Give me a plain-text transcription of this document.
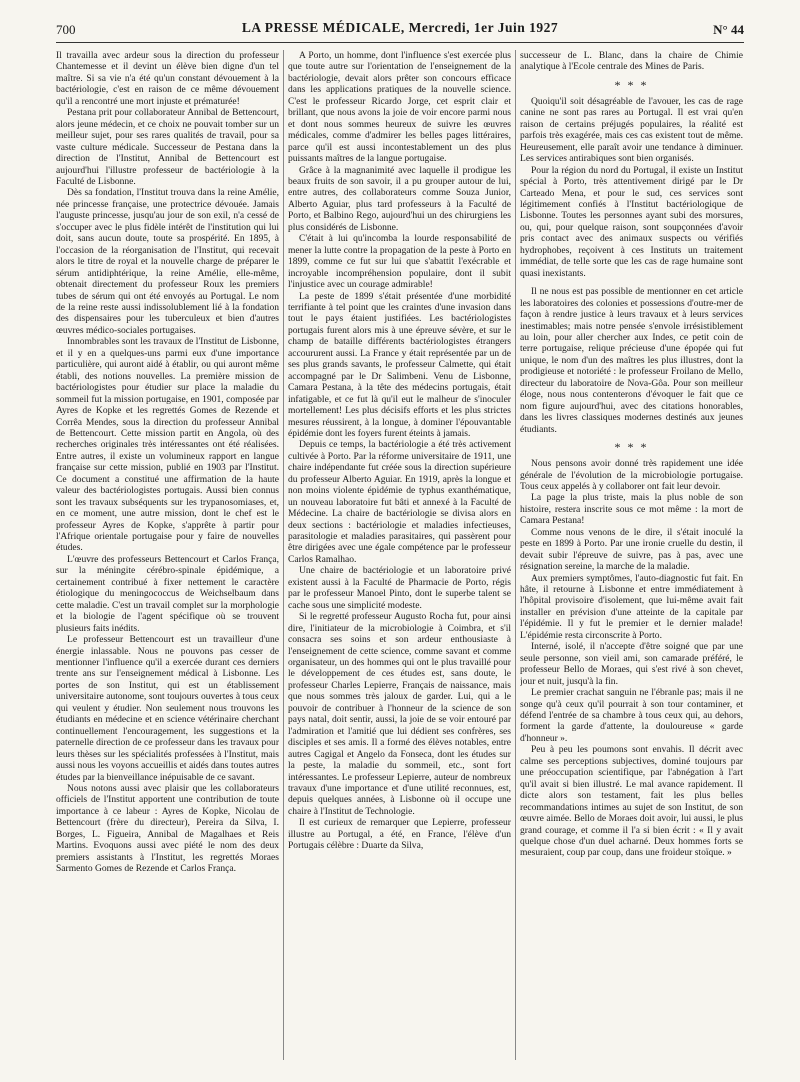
700	LA PRESSE MÉDICALE, Mercredi, 1er Juin 1927	N° 44

Il travailla avec ardeur sous la direction du professeur Chantemesse et il devint un élève bien digne d'un tel maître. Si sa vie n'a été qu'un constant dévouement à la bactériologie, c'est en raison de ce même dévouement qu'il a rencontré une mort injuste et prématurée!

Pestana prit pour collaborateur Annibal de Bettencourt, alors jeune médecin, et ce choix ne pouvait tomber sur un meilleur sujet, pour ses rares qualités de travail, pour sa vaste culture médicale. Successeur de Pestana dans la direction de l'Institut, Annibal de Bettencourt est aujourd'hui l'illustre professeur de bactériologie à la Faculté de Lisbonne.

Dès sa fondation, l'Institut trouva dans la reine Amélie, née princesse française, une protectrice dévouée. Jamais l'auguste princesse, jusqu'au jour de son exil, n'a cessé de s'occuper avec le plus fidèle intérêt de l'institution qui lui doit, sans aucun doute, toute sa prospérité. En 1895, à l'occasion de la réorganisation de l'Institut, qui recevait alors le titre de royal et la nouvelle charge de préparer le sérum antidiphtérique, la reine Amélie, elle-même, obtenait directement du professeur Roux les premiers tubes de sérum qui ont été envoyés au Portugal. Le nom de la reine reste aussi indissolublement lié à la fondation des dispensaires pour les tuberculeux et bien d'autres œuvres médico-sociales portugaises.

Innombrables sont les travaux de l'Institut de Lisbonne, et il y en a quelques-uns parmi eux d'une importance particulière, qui auront aidé à établir, ou qui auront même établi, des notions nouvelles. La première mission de bactériologistes pour étudier sur place la maladie du sommeil fut la mission portugaise, en 1901, composée par Ayres de Kopke et les regrettés Gomes de Rezende et Corrêa Mendes, sous la direction du professeur Annibal de Bettencourt. Cette mission partit en Angola, où des recherches originales très intéressantes ont été réalisées. Entre autres, il existe un volumineux rapport en langue française sur cette mission, publié en 1903 par l'Institut. Ce document a constitué une affirmation de la haute valeur des bactériologistes portugais. Aussi bien connus sont les travaux subséquents sur les trypanosomiases, et, en ce moment, une autre mission, dont le chef est le professeur Ayres de Kopke, s'apprête à partir pour l'Afrique orientale portugaise pour y faire de nouvelles études.

L'œuvre des professeurs Bettencourt et Carlos França, sur la méningite cérébro-spinale épidémique, a certainement contribué à fixer nettement le caractère étiologique du meningococcus de Weichselbaum dans cette maladie. C'est un travail complet sur la morphologie et la biologie de l'agent spécifique où se trouvent plusieurs faits inédits.

Le professeur Bettencourt est un travailleur d'une énergie inlassable. Nous ne pouvons pas cesser de mentionner l'influence qu'il a exercée durant ces derniers trente ans sur l'enseignement médical à Lisbonne. Les portes de son Institut, qui est un établissement universitaire autonome, sont toujours ouvertes à tous ceux qui veulent y étudier. Non seulement nous trouvons les étudiants en médecine et en science vétérinaire cherchant continuellement l'encouragement, les suggestions et la paternelle direction de ce professeur dans les travaux pour leurs thèses sur les spécialités professées à l'Institut, mais aussi nous les voyons accueillis et aidés dans toutes autres études par la bienveillance inépuisable de ce savant.

Nous notons aussi avec plaisir que les collaborateurs officiels de l'Institut apportent une contribution de toute importance à ce labeur : Ayres de Kopke, Nicolau de Bettencourt (frère du directeur), Pereira da Silva, I. Borges, L. Figueira, Annibal de Magalhaes et Reis Martins. Evoquons aussi avec piété le nom des deux premiers assistants à l'Institut, les regrettés Moraes Sarmento Gomes de Rezende et Carlos França.

A Porto, un homme, dont l'influence s'est exercée plus que toute autre sur l'orientation de l'enseignement de la bactériologie, devait alors prêter son concours efficace dans les applications pratiques de la nouvelle science. C'est le professeur Ricardo Jorge, cet esprit clair et brillant, que nous avons la joie de voir encore parmi nous et dont nous sommes heureux de suivre les œuvres médicales, comme d'admirer les belles pages littéraires, parce qu'il est aussi incontestablement un des plus puissants maîtres de la langue portugaise.

Grâce à la magnanimité avec laquelle il prodigue les beaux fruits de son savoir, il a pu grouper autour de lui, entre autres, des collaborateurs comme Souza Junior, Alberto Aguiar, plus tard professeurs à la Faculté de Porto, et Balbino Rego, aujourd'hui un des chirurgiens les plus considérés de Lisbonne.

C'était à lui qu'incomba la lourde responsabilité de mener la lutte contre la propagation de la peste à Porto en 1899, comme ce fut sur lui que s'abattit l'exécrable et incroyable incompréhension populaire, dont il subit l'injustice avec un courage admirable!

La peste de 1899 s'était présentée d'une morbidité terrifiante à tel point que les craintes d'une invasion dans tout le pays étaient justifiées. Les bactériologistes portugais furent alors mis à une épreuve sévère, et sur le champ de bataille différents bactériologistes étrangers accoururent aussi. La France y était représentée par un de ses plus grands savants, le professeur Calmette, qui était accompagné par le Dr Salimbeni. Venu de Lisbonne, Camara Pestana, à la tête des médecins portugais, était infatigable, et ce fut là qu'il eut le malheur de s'inoculer mortellement! Les plus décisifs efforts et les plus strictes mesures réussirent, à la longue, à dominer l'épouvantable épidémie dont les foyers furent éteints à jamais.

Depuis ce temps, la bactériologie a été très activement cultivée à Porto. Par la réforme universitaire de 1911, une chaire indépendante fut créée sous la direction supérieure du professeur Alberto Aguiar. En 1919, après la longue et non moins violente épidémie de typhus exanthématique, un nouveau laboratoire fut bâti et annexé à la Faculté de Médecine. La chaire de bactériologie se divisa alors en deux sections : bactériologie et maladies infectieuses, parasitologie et maladies parasitaires, qui passèrent pour être dirigées avec une égale compétence par le professeur Carlos Ramalhao.

Une chaire de bactériologie et un laboratoire privé existent aussi à la Faculté de Pharmacie de Porto, régis par le professeur Manoel Pinto, dont le superbe talent se cache sous une simplicité modeste.

Si le regretté professeur Augusto Rocha fut, pour ainsi dire, l'initiateur de la microbiologie à Coimbra, et s'il consacra ses soins et son ardeur enthousiaste à l'enseignement de cette science, comme savant et comme organisateur, un des hommes qui ont le plus travaillé pour le développement de ces études est, sans doute, le professeur Charles Lepierre, Français de naissance, mais que nous sommes très jaloux de garder. Lui, qui a le pouvoir de contribuer à l'honneur de la science de son pays natal, doit sentir, aussi, la joie de se voir entouré par l'admiration et l'amitié que lui dédient ses confrères, ses disciples et ses amis. Il a formé des élèves notables, entre autres Cagigal et Angelo da Fonseca, dont les études sur la peste, la maladie du sommeil, etc., sont fort intéressantes. Le professeur Lepierre, auteur de nombreux travaux d'une importance et d'une utilité reconnues, est, depuis quelques années, à Lisbonne où il occupe une chaire à l'Institut de Technologie.

Il est curieux de remarquer que Lepierre, professeur illustre au Portugal, a été, en France, l'élève d'un Portugais célèbre : Duarte da Silva,

successeur de L. Blanc, dans la chaire de Chimie analytique à l'Ecole centrale des Mines de Paris.

* * *

Quoiqu'il soit désagréable de l'avouer, les cas de rage canine ne sont pas rares au Portugal. Il est vrai qu'en raison de certains préjugés populaires, la réalité est parfois très exagérée, mais ces cas existent tout de même. Heureusement, elle paraît avoir une tendance à diminuer. Les services antirabiques sont bien organisés.

Pour la région du nord du Portugal, il existe un Institut spécial à Porto, très attentivement dirigé par le Dr Carteado Mena, et pour le sud, ces services sont légitimement confiés à l'Institut bactériologique de Lisbonne. Toutes les personnes ayant subi des morsures, ou, qui, pour quelque raison, sont soupçonnées d'avoir pris contact avec des animaux suspects ou vérifiés hydrophobes, reçoivent à ces Instituts un traitement immédiat, de telle sorte que les cas de rage humaine sont quasi inexistants.

Il ne nous est pas possible de mentionner en cet article les laboratoires des colonies et possessions d'outre-mer de façon à rendre justice à leurs travaux et à leurs services inestimables; mais notre pensée s'envole irrésistiblement au loin, pour aller chercher aux Indes, ce petit coin de terre portugaise, relique précieuse d'une épopée qui fut unique, le nom d'un des maîtres les plus illustres, dont la prodigieuse et notoriété : le professeur Froilano de Mello, directeur du laboratoire de Nova-Gôa. Pour son meilleur éloge, nous nous contenterons d'évoquer le fait que ce nom figure aujourd'hui, avec des citations honorables, dans les livres classiques modernes destinés aux jeunes étudiants.

* * *

Nous pensons avoir donné très rapidement une idée générale de l'évolution de la microbiologie portugaise. Tous ceux appelés à y collaborer ont fait leur devoir.

La page la plus triste, mais la plus noble de son histoire, restera inscrite sous ce mot même : la mort de Camara Pestana!

Comme nous venons de le dire, il s'était inoculé la peste en 1899 à Porto. Par une ironie cruelle du destin, il devait subir l'épreuve de suivre, pas à pas, avec une résignation sereine, la marche de la maladie.

Aux premiers symptômes, l'auto-diagnostic fut fait. En hâte, il retourne à Lisbonne et entre immédiatement à l'hôpital provisoire d'isolement, que lui-même avait fait installer en prévision d'une atteinte de la capitale par l'épidémie. Il y fut le premier et le dernier malade! L'épidémie resta circonscrite à Porto.

Interné, isolé, il n'accepte d'être soigné que par une seule personne, son vieil ami, son camarade préféré, le professeur Bello de Moraes, qui s'est rivé à son chevet, jour et nuit, jusqu'à la fin.

Le premier crachat sanguin ne l'ébranle pas; mais il ne songe qu'à ceux qu'il pourrait à son tour contaminer, et défend l'entrée de sa chambre à tous ceux qui, au dehors, forment la garde d'attente, la douloureuse « garde d'honneur ».

Peu à peu les poumons sont envahis. Il décrit avec calme ses perceptions subjectives, dominé toujours par une préoccupation scientifique, par l'abnégation à l'art qu'il avait si bien illustré. Le mal avance rapidement. Il dicte alors son testament, fait les plus belles recommandations intimes au sujet de son Institut, de son œuvre aimée. Bello de Moraes doit avoir, lui aussi, le plus grand courage, et comme il l'a si bien écrit : « Il y avait quelque chose d'un duel acharné. Deux hommes forts se mesuraient, coup par coup, dans une froideur stoïque. »
